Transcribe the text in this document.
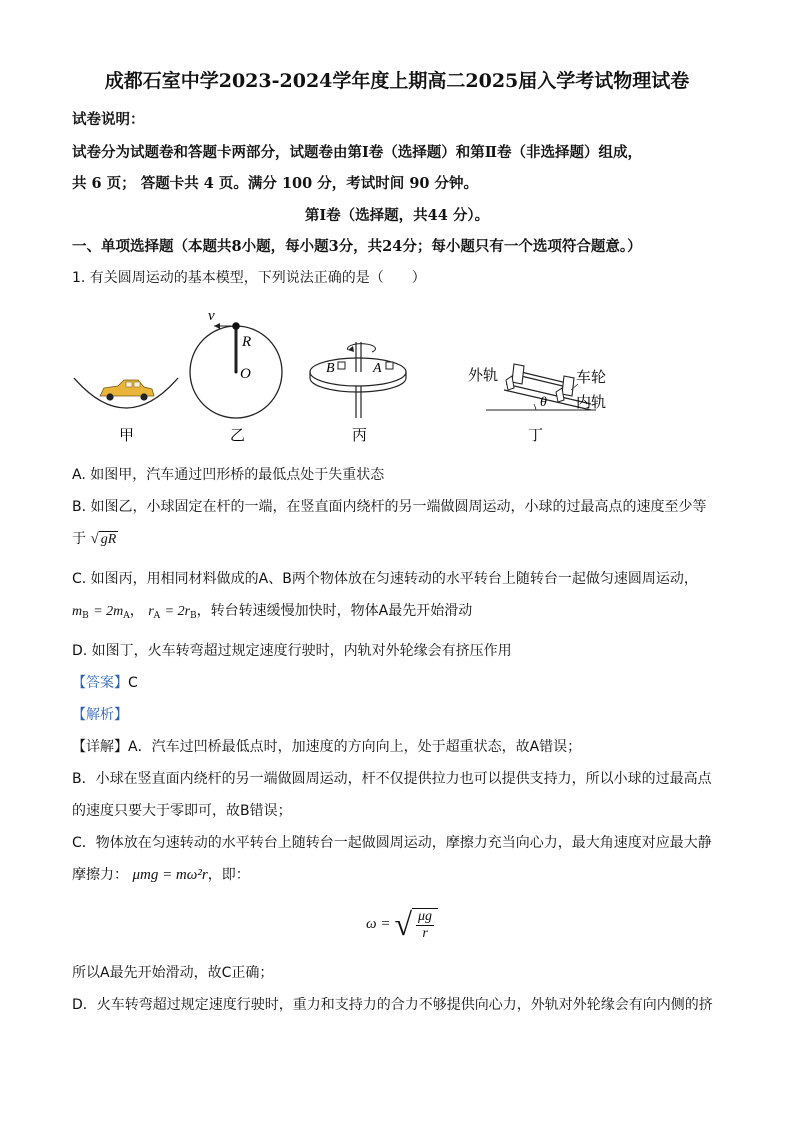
成都石室中学2023-2024学年度上期高二2025届入学考试物理试卷
试卷说明：
试卷分为试题卷和答题卡两部分，试题卷由第Ⅰ卷（选择题）和第Ⅱ卷（非选择题）组成，
共 6 页； 答题卡共 4 页。满分 100 分，考试时间 90 分钟。
第Ⅰ卷（选择题，共44 分）。
一、单项选择题（本题共8小题，每小题3分，共24分；每小题只有一个选项符合题意。）
1. 有关圆周运动的基本模型，下列说法正确的是（　　）
甲
v
R
O
乙
B	A
丙
θ
外轨	车轮
内轨
丁
A. 如图甲，汽车通过凹形桥的最低点处于失重状态
B. 如图乙，小球固定在杆的一端，在竖直面内绕杆的另一端做圆周运动，小球的过最高点的速度至少等
于 √ gR
C. 如图丙，用相同材料做成的A、B两个物体放在匀速转动的水平转台上随转台一起做匀速圆周运动，
$m_B = 2m_A$， $r_A = 2r_B$，转台转速缓慢加快时，物体A最先开始滑动
D. 如图丁，火车转弯超过规定速度行驶时，内轨对外轮缘会有挤压作用
【答案】C
【解析】
【详解】A．汽车过凹桥最低点时，加速度的方向向上，处于超重状态，故A错误；
B．小球在竖直面内绕杆的另一端做圆周运动，杆不仅提供拉力也可以提供支持力，所以小球的过最高点
的速度只要大于零即可，故B错误；
C．物体放在匀速转动的水平转台上随转台一起做圆周运动，摩擦力充当向心力，最大角速度对应最大静
摩擦力： μmg = mω²r，即：
ω = √ $\frac{\mu g}{r}$
所以A最先开始滑动，故C正确；
D．火车转弯超过规定速度行驶时，重力和支持力的合力不够提供向心力，外轨对外轮缘会有向内侧的挤
